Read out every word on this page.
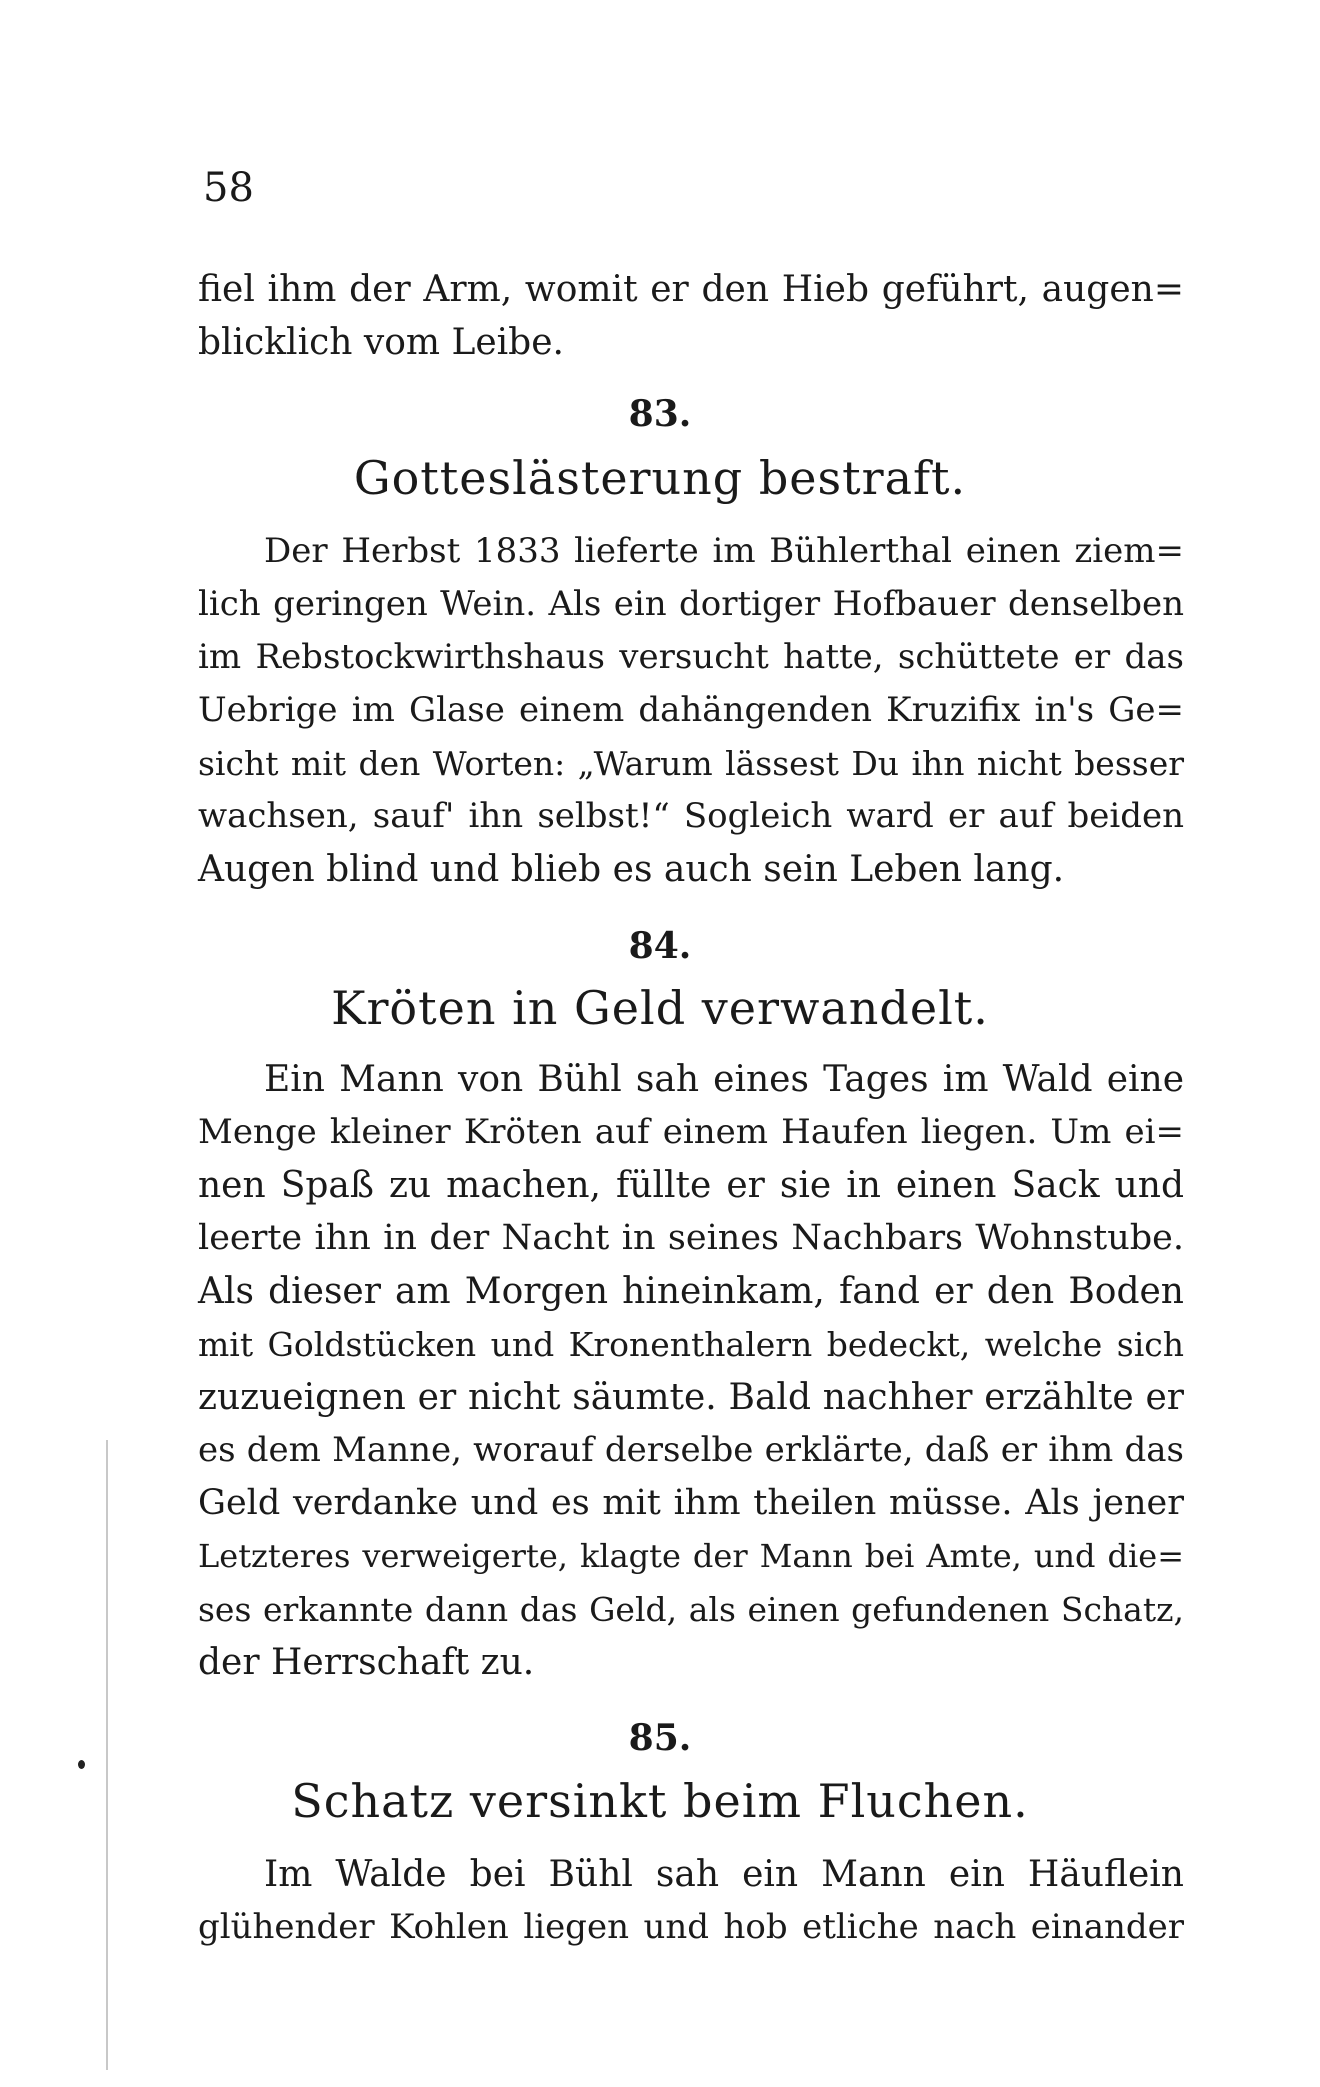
58
fiel ihm der Arm, womit er den Hieb geführt, augen=
blicklich vom Leibe.
83.
Gotteslästerung bestraft.
Der Herbst 1833 lieferte im Bühlerthal einen ziem=
lich geringen Wein. Als ein dortiger Hofbauer denselben
im Rebstockwirthshaus versucht hatte, schüttete er das
Uebrige im Glase einem dahängenden Kruzifix in's Ge=
sicht mit den Worten: „Warum lässest Du ihn nicht besser
wachsen, sauf' ihn selbst!“ Sogleich ward er auf beiden
Augen blind und blieb es auch sein Leben lang.
84.
Kröten in Geld verwandelt.
Ein Mann von Bühl sah eines Tages im Wald eine
Menge kleiner Kröten auf einem Haufen liegen. Um ei=
nen Spaß zu machen, füllte er sie in einen Sack und
leerte ihn in der Nacht in seines Nachbars Wohnstube.
Als dieser am Morgen hineinkam, fand er den Boden
mit Goldstücken und Kronenthalern bedeckt, welche sich
zuzueignen er nicht säumte. Bald nachher erzählte er
es dem Manne, worauf derselbe erklärte, daß er ihm das
Geld verdanke und es mit ihm theilen müsse. Als jener
Letzteres verweigerte, klagte der Mann bei Amte, und die=
ses erkannte dann das Geld, als einen gefundenen Schatz,
der Herrschaft zu.
85.
Schatz versinkt beim Fluchen.
Im Walde bei Bühl sah ein Mann ein Häuflein
glühender Kohlen liegen und hob etliche nach einander
